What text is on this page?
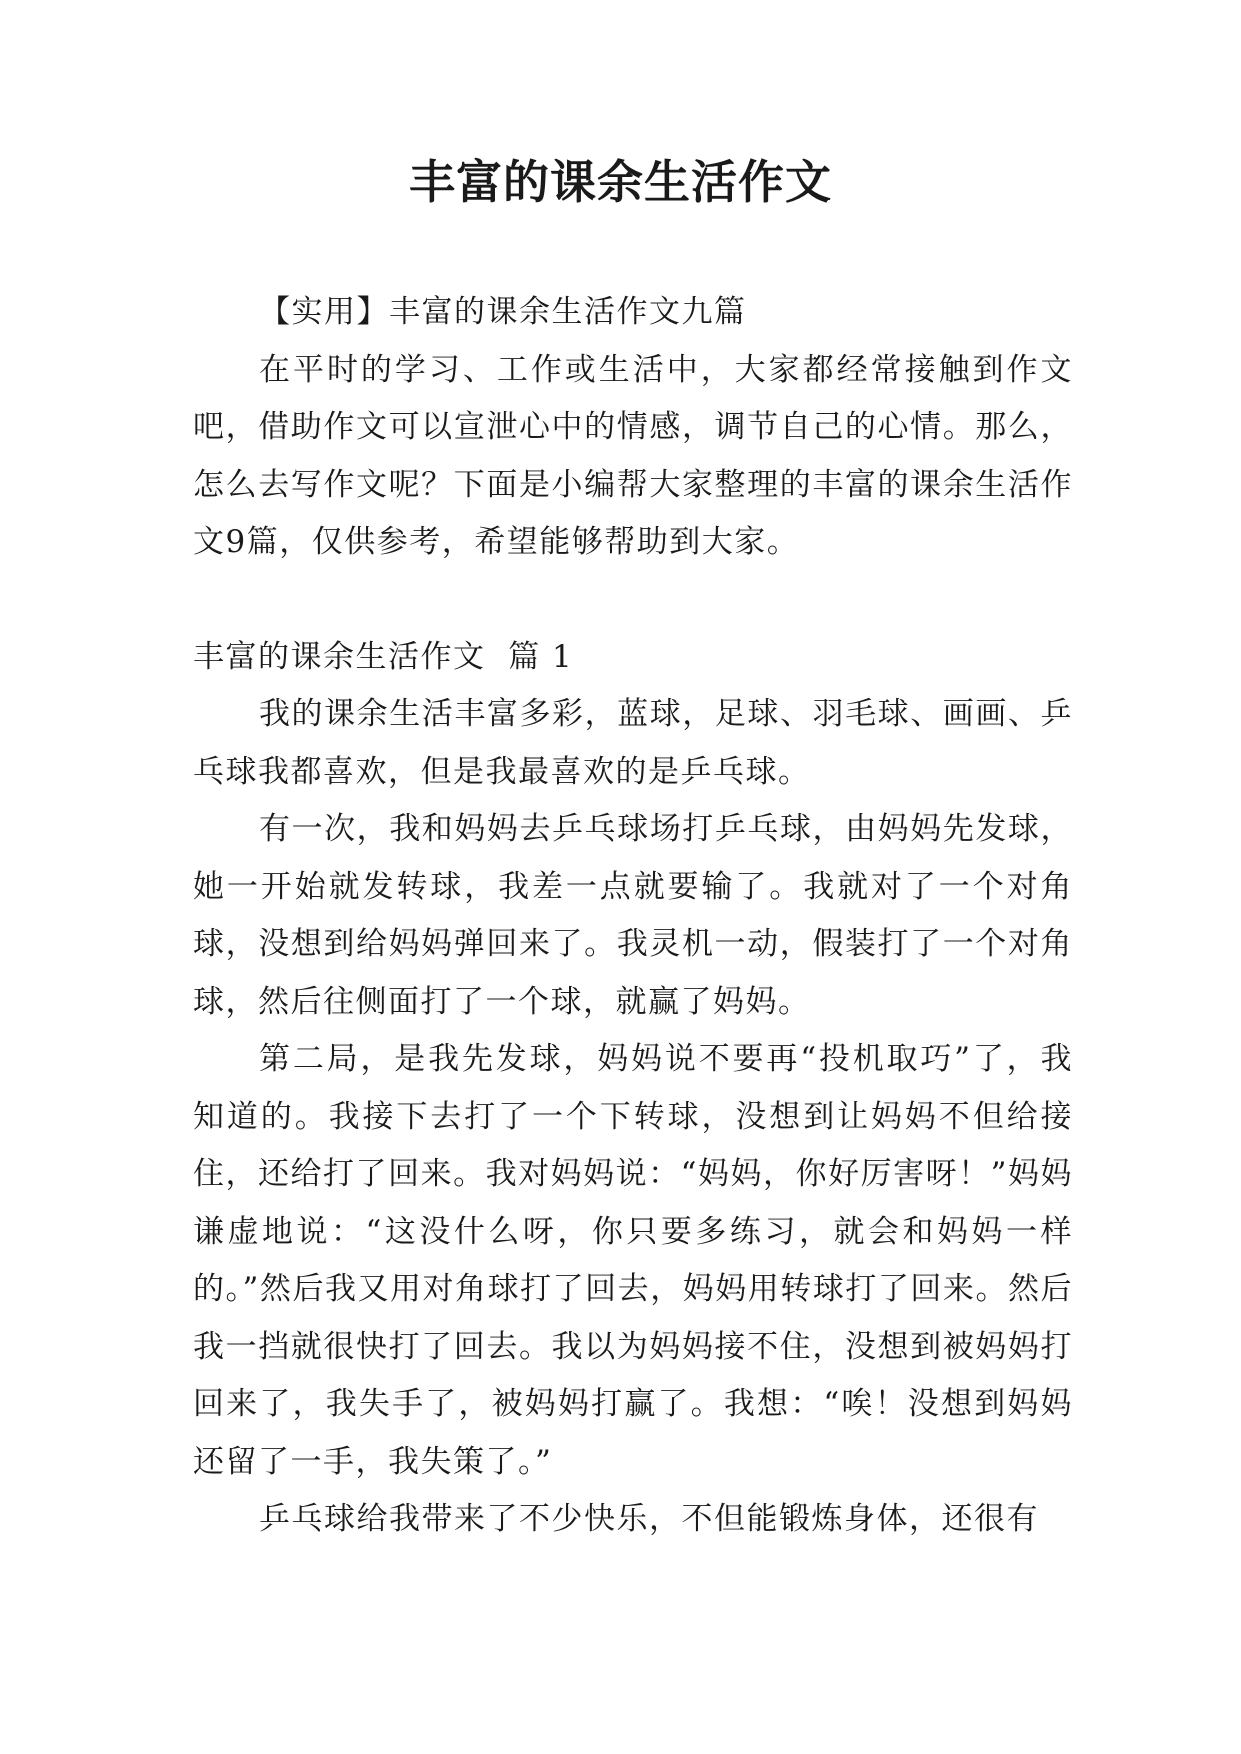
丰富的课余生活作文

【实用】丰富的课余生活作文九篇

在平时的学习、工作或生活中，大家都经常接触到作文吧，借助作文可以宣泄心中的情感，调节自己的心情。那么，怎么去写作文呢？下面是小编帮大家整理的丰富的课余生活作文9篇，仅供参考，希望能够帮助到大家。

丰富的课余生活作文  篇 1

我的课余生活丰富多彩，蓝球，足球、羽毛球、画画、乒乓球我都喜欢，但是我最喜欢的是乒乓球。

有一次，我和妈妈去乒乓球场打乒乓球，由妈妈先发球，她一开始就发转球，我差一点就要输了。我就对了一个对角球，没想到给妈妈弹回来了。我灵机一动，假装打了一个对角球，然后往侧面打了一个球，就赢了妈妈。

第二局，是我先发球，妈妈说不要再“投机取巧”了，我知道的。我接下去打了一个下转球，没想到让妈妈不但给接住，还给打了回来。我对妈妈说：“妈妈，你好厉害呀！”妈妈谦虚地说：“这没什么呀，你只要多练习，就会和妈妈一样的。”然后我又用对角球打了回去，妈妈用转球打了回来。然后我一挡就很快打了回去。我以为妈妈接不住，没想到被妈妈打回来了，我失手了，被妈妈打赢了。我想：“唉！没想到妈妈还留了一手，我失策了。”

乒乓球给我带来了不少快乐，不但能锻炼身体，还很有
